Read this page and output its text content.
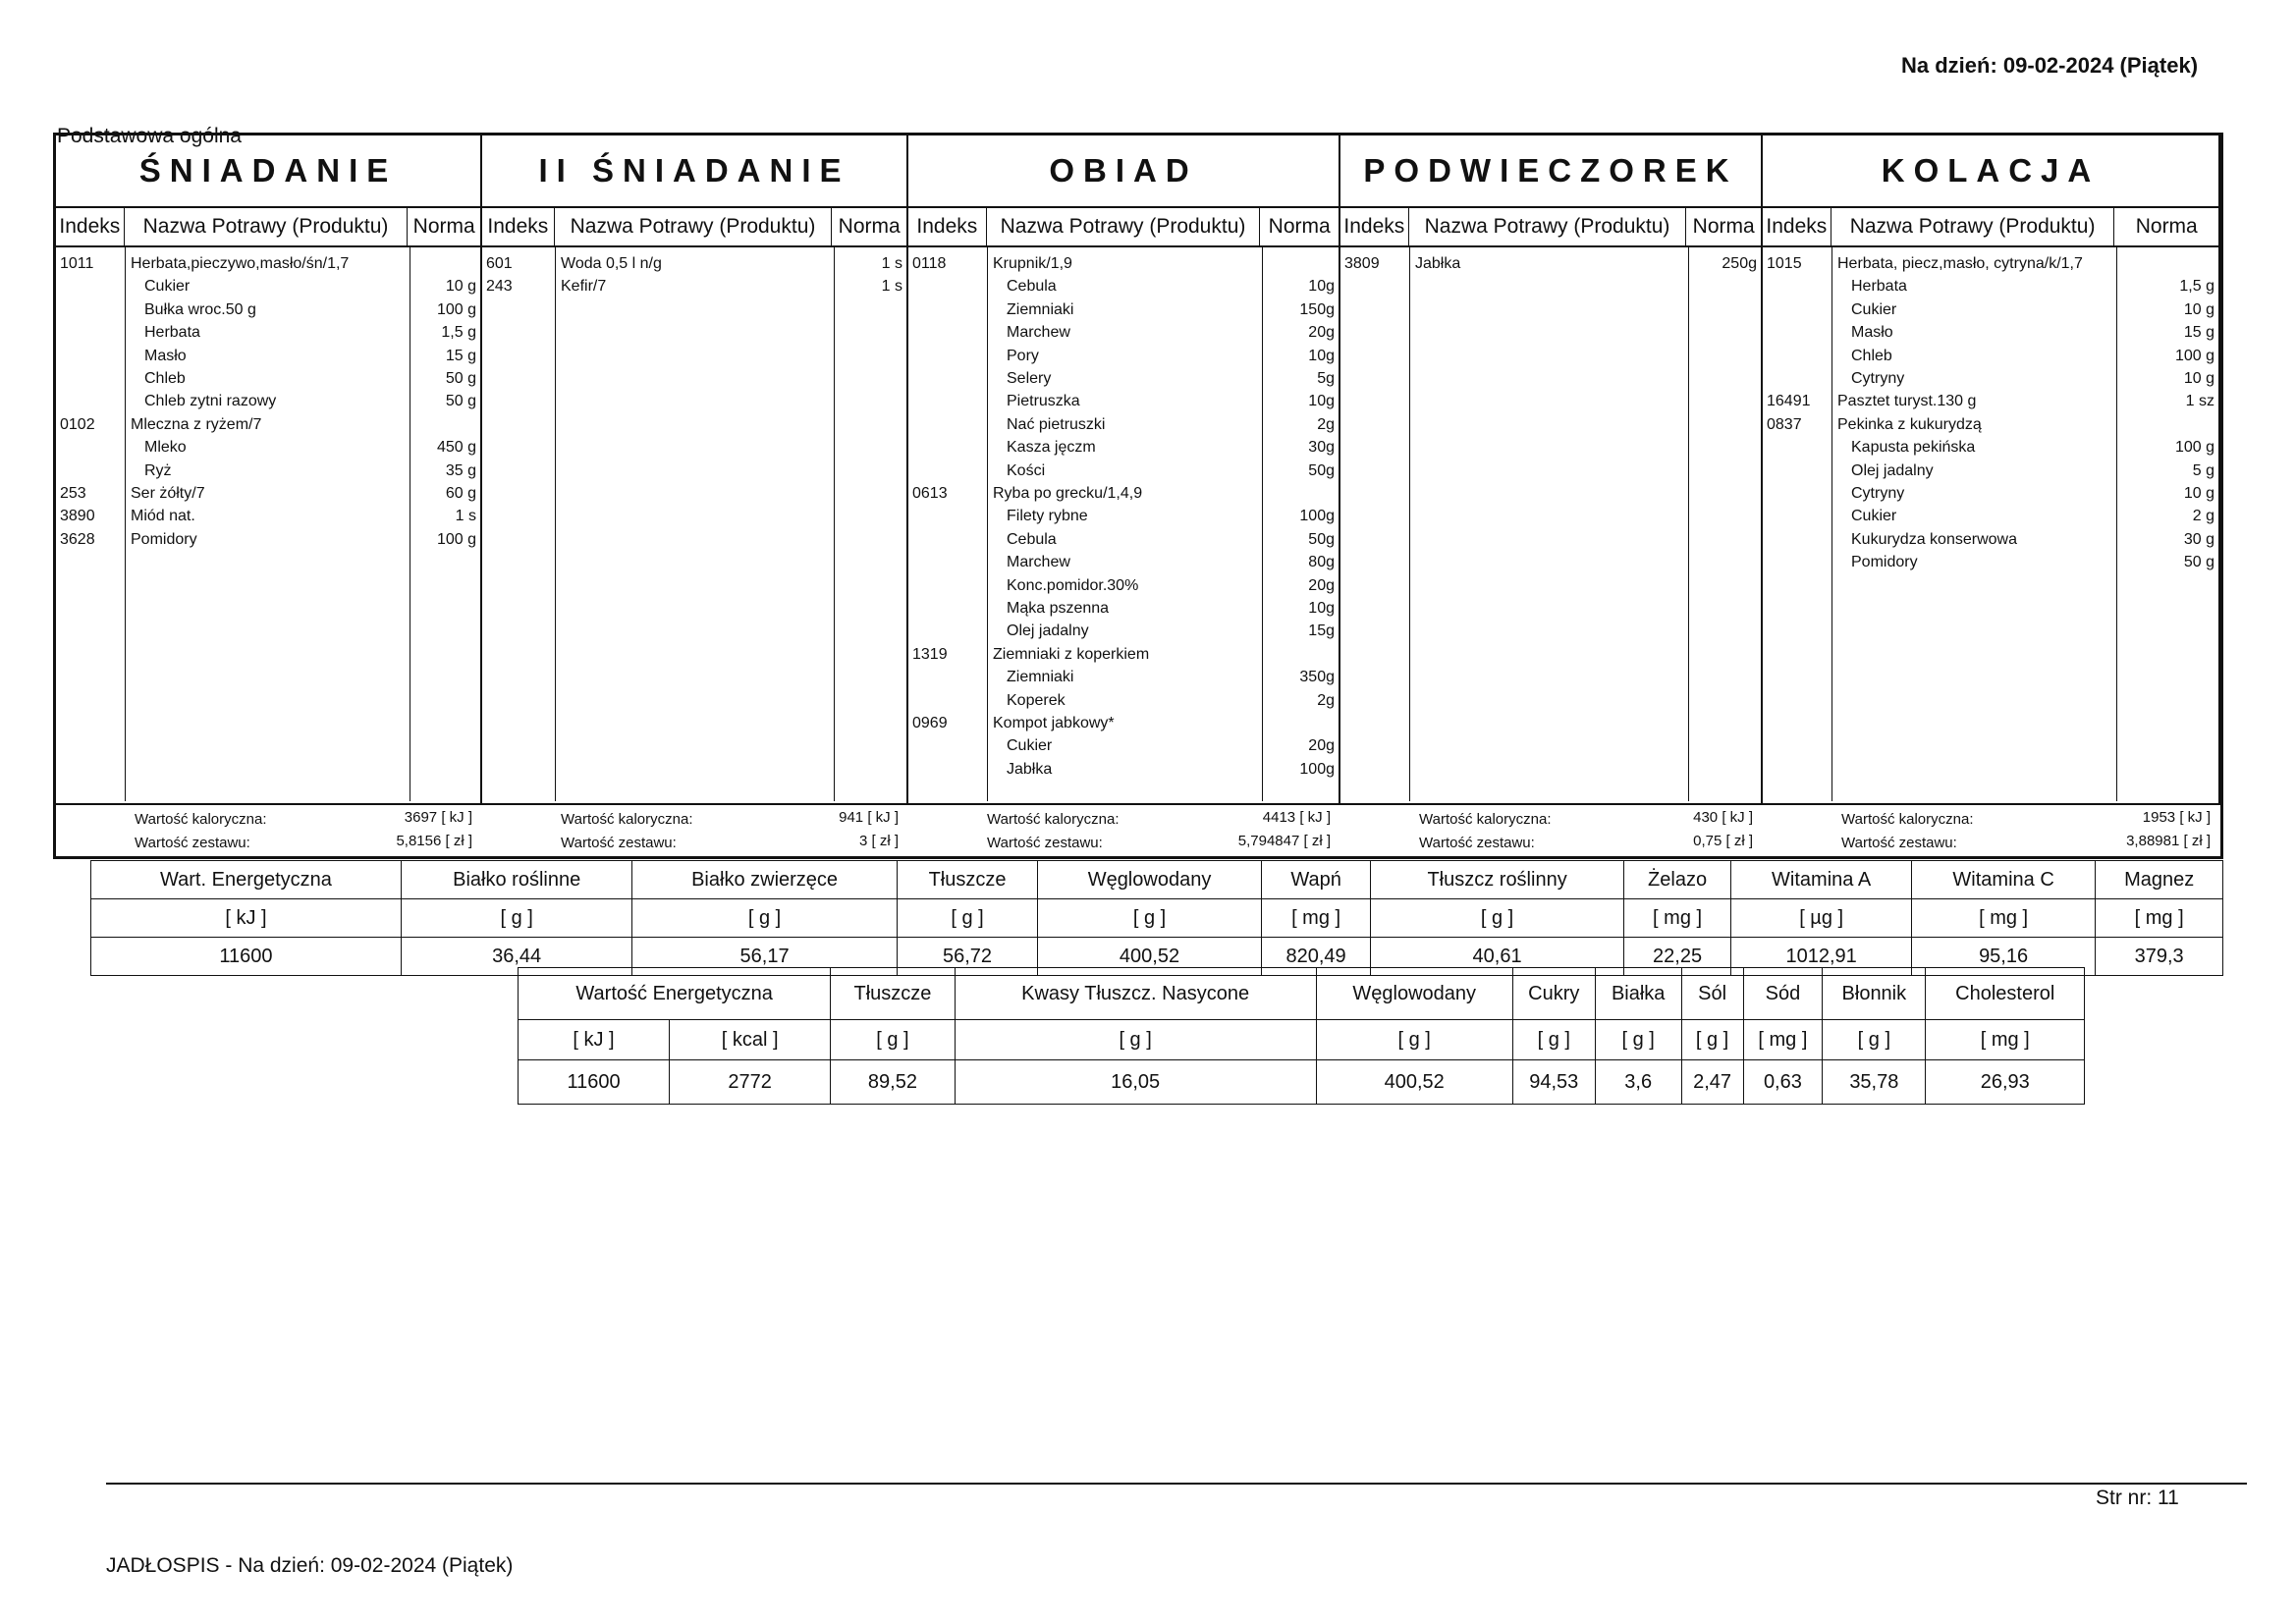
Na dzień: 09-02-2024 (Piątek)
Podstawowa ogólna
ŚNIADANIE
Indeks	Nazwa Potrawy (Produktu)	Norma
1011 Herbata,pieczywo,masło/śn/1,7
Cukier	10 g
Bułka wroc.50 g	100 g
Herbata	1,5 g
Masło	15 g
Chleb	50 g
Chleb zytni razowy	50 g
0102 Mleczna z ryżem/7
Mleko	450 g
Ryż	35 g
253	Ser żółty/7	60 g
3890 Miód nat.	1 s
3628 Pomidory	100 g
II ŚNIADANIE
Indeks	Nazwa Potrawy (Produktu)	Norma
601	Woda 0,5 l n/g	1 s
243	Kefir/7	1 s
OBIAD
Indeks	Nazwa Potrawy (Produktu)	Norma
0118	Krupnik/1,9
Cebula	10g
Ziemniaki	150g
Marchew	20g
Pory	10g
Selery	5g
Pietruszka	10g
Nać pietruszki	2g
Kasza jęczm	30g
Kości	50g
0613	Ryba po grecku/1,4,9
Filety rybne	100g
Cebula	50g
Marchew	80g
Konc.pomidor.30%	20g
Mąka pszenna	10g
Olej jadalny	15g
1319	Ziemniaki z koperkiem
Ziemniaki	350g
Koperek	2g
0969	Kompot jabkowy*
Cukier	20g
Jabłka	100g
PODWIECZOREK
Indeks Nazwa Potrawy (Produktu)	Norma
3809 Jabłka	250g
KOLACJA
Indeks	Nazwa Potrawy (Produktu)	Norma
1015 Herbata, piecz,masło, cytryna/k/1,7
Herbata	1,5 g
Cukier	10 g
Masło	15 g
Chleb	100 g
Cytryny	10 g
16491 Pasztet turyst.130 g	1 sz
0837 Pekinka z kukurydzą
Kapusta pekińska	100 g
Olej jadalny	5 g
Cytryny	10 g
Cukier	2 g
Kukurydza konserwowa	30 g
Pomidory	50 g
Wartość kaloryczna:	3697 [ kJ ]
Wartość zestawu:	5,8156 [ zł ]
Wartość kaloryczna:	941 [ kJ ]
Wartość zestawu:	3 [ zł ]
Wartość kaloryczna:	4413 [ kJ ]
Wartość zestawu:	5,794847 [ zł ]
Wartość kaloryczna:	430 [ kJ ]
Wartość zestawu:	0,75 [ zł ]
Wartość kaloryczna:	1953 [ kJ ]
Wartość zestawu:	3,88981 [ zł ]
Wart. Energetyczna	Białko roślinne	Białko zwierzęce	Tłuszcze	Węglowodany	Wapń	Tłuszcz roślinny	Żelazo	Witamina A	Witamina C	Magnez
[ kJ ]	[ g ]	[ g ]	[ g ]	[ g ]	[ mg ]	[ g ]	[ mg ]	[ µg ]	[ mg ]	[ mg ]
11600	36,44	56,17	56,72	400,52	820,49	40,61	22,25	1012,91	95,16	379,3
Wartość Energetyczna		Tłuszcze	Kwasy Tłuszcz. Nasycone	Węglowodany	Cukry	Białka	Sól	Sód	Błonnik	Cholesterol
[ kJ ]	[ kcal ]	[ g ]	[ g ]	[ g ]	[ g ]	[ g ]	[ g ]	[ mg ]	[ g ]	[ mg ]
11600	2772	89,52	16,05	400,52	94,53	3,6	2,47	0,63	35,78	26,93
Str nr: 11
JADŁOSPIS - Na dzień: 09-02-2024 (Piątek)
